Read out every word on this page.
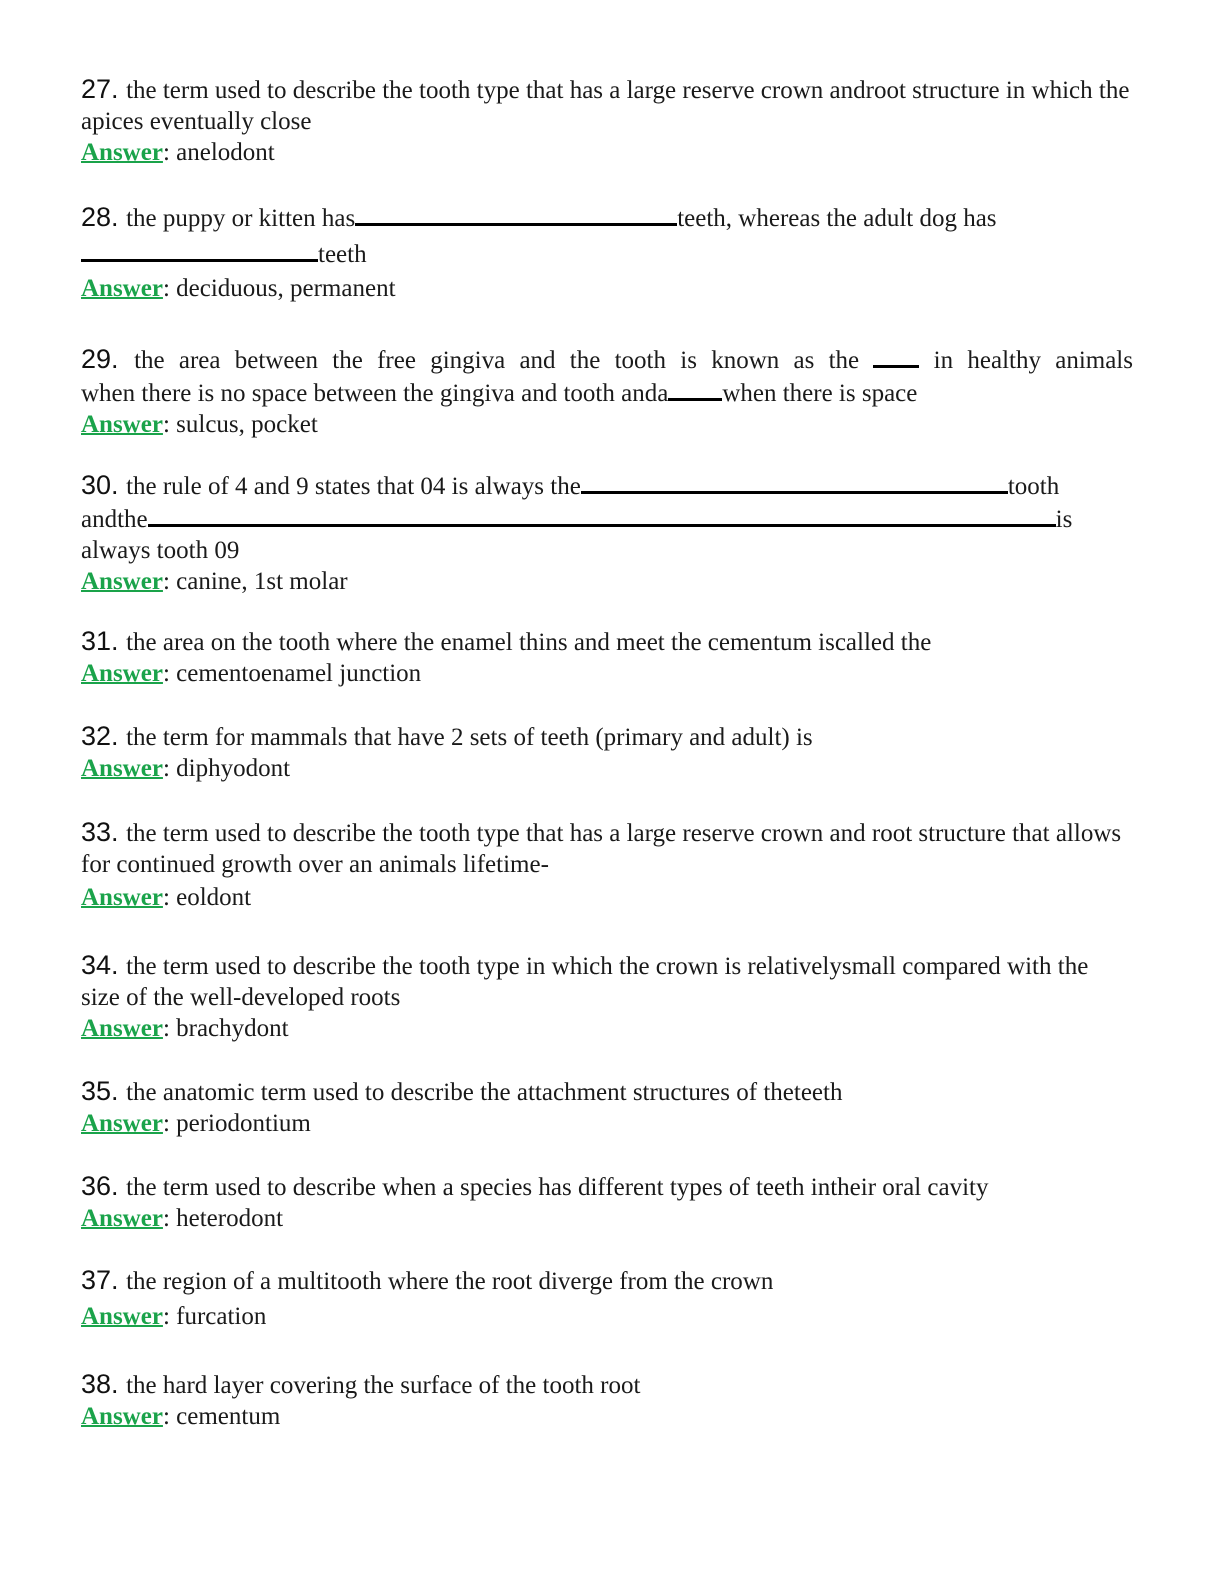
27. the term used to describe the tooth type that has a large reserve crown androot structure in which the apices eventually close

Answer: anelodont

28. the puppy or kitten has	teeth, whereas the adult dog has
teeth

Answer: deciduous, permanent

29. the area between the free gingiva and the tooth is known as the	in healthy animals

when there is no space between the gingiva and tooth anda when there is space

Answer: sulcus, pocket

30. the rule of 4 and 9 states that 04 is always the	tooth

andthe	is

always tooth 09

Answer: canine, 1st molar

31. the area on the tooth where the enamel thins and meet the cementum iscalled the

Answer: cementoenamel junction

32. the term for mammals that have 2 sets of teeth (primary and adult) is

Answer: diphyodont

33. the term used to describe the tooth type that has a large reserve crown and root structure that allows for continued growth over an animals lifetime-

Answer: eoldont

34. the term used to describe the tooth type in which the crown is relativelysmall compared with the size of the well-developed roots

Answer: brachydont

35. the anatomic term used to describe the attachment structures of theteeth

Answer: periodontium

36. the term used to describe when a species has different types of teeth intheir oral cavity

Answer: heterodont

37. the region of a multitooth where the root diverge from the crown

Answer: furcation

38. the hard layer covering the surface of the tooth root

Answer: cementum
